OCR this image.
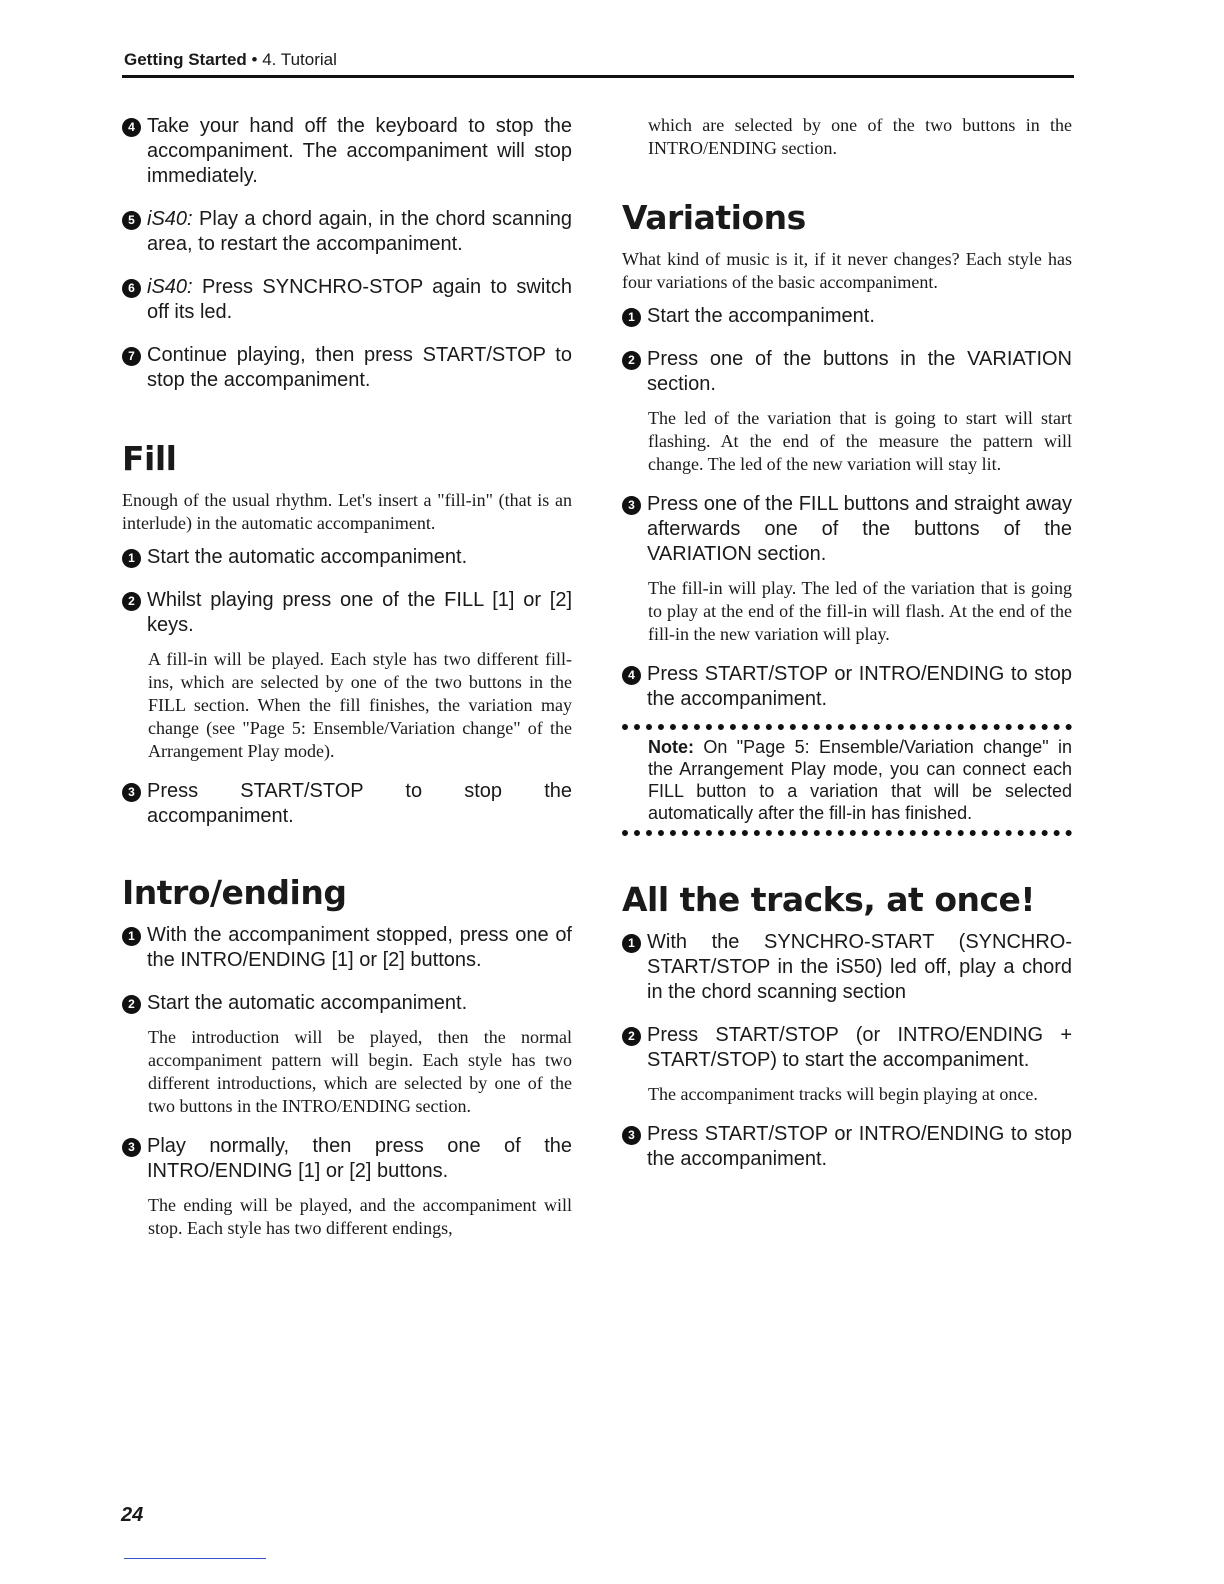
Getting Started • 4. Tutorial
4 Take your hand off the keyboard to stop the accompaniment. The accompaniment will stop immediately.
5 iS40: Play a chord again, in the chord scanning area, to restart the accompaniment.
6 iS40: Press SYNCHRO-STOP again to switch off its led.
7 Continue playing, then press START/STOP to stop the accompaniment.
Fill

Enough of the usual rhythm. Let's insert a "fill-in" (that is an interlude) in the automatic accompaniment.

1 Start the automatic accompaniment.
2 Whilst playing press one of the FILL [1] or [2] keys.

A fill-in will be played. Each style has two different fill-ins, which are selected by one of the two buttons in the FILL section. When the fill finishes, the variation may change (see "Page 5: Ensemble/Variation change" of the Arrangement Play mode).

3 Press START/STOP to stop the accompaniment.
Intro/ending
1 With the accompaniment stopped, press one of the INTRO/ENDING [1] or [2] buttons.
2 Start the automatic accompaniment.

The introduction will be played, then the normal accompaniment pattern will begin. Each style has two different introductions, which are selected by one of the two buttons in the INTRO/ENDING section.

3 Play normally, then press one of the INTRO/ENDING [1] or [2] buttons.

The ending will be played, and the accompaniment will stop. Each style has two different endings,

which are selected by one of the two buttons in the INTRO/ENDING section.

Variations

What kind of music is it, if it never changes? Each style has four variations of the basic accompaniment.

1 Start the accompaniment.
2 Press one of the buttons in the VARIATION section.

The led of the variation that is going to start will start flashing. At the end of the measure the pattern will change. The led of the new variation will stay lit.

3 Press one of the FILL buttons and straight away afterwards one of the buttons of the VARIATION section.

The fill-in will play. The led of the variation that is going to play at the end of the fill-in will flash. At the end of the fill-in the new variation will play.

4 Press START/STOP or INTRO/ENDING to stop the accompaniment.
Note: On "Page 5: Ensemble/Variation change" in the Arrangement Play mode, you can connect each FILL button to a variation that will be selected automatically after the fill-in has finished.
All the tracks, at once!
1 With the SYNCHRO-START (SYNCHRO-START/STOP in the iS50) led off, play a chord in the chord scanning section
2 Press START/STOP (or INTRO/ENDING + START/STOP) to start the accompaniment.

The accompaniment tracks will begin playing at once.

3 Press START/STOP or INTRO/ENDING to stop the accompaniment.
24
